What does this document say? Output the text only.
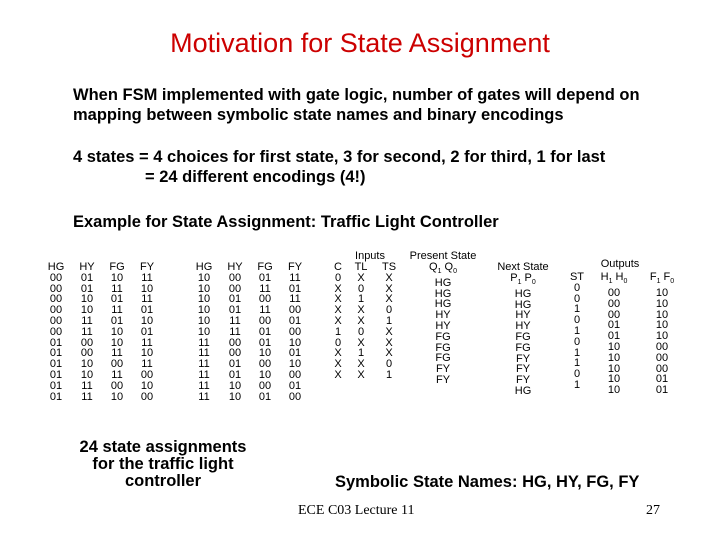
Motivation for State Assignment
When FSM implemented with gate logic, number of gates will depend on
mapping between symbolic state names and binary encodings
4 states = 4 choices for first state, 3 for second, 2 for third, 1 for last
= 24 different encodings (4!)
Example for State Assignment: Traffic Light Controller
HG
00
00
00
00
00
00
01
01
01
01
01
01
HY
01
01
10
10
11
11
00
00
10
10
11
11
FG
10
11
01
11
01
10
10
11
00
11
00
10
FY
11
10
11
01
10
01
11
10
11
00
10
00
HG
10
10
10
10
10
10
11
11
11
11
11
11
HY
00
00
01
01
11
11
00
00
01
01
10
10
FG
01
11
00
11
00
01
01
10
00
10
00
01
FY
11
01
11
00
01
00
10
01
10
00
01
00
Inputs
C
0
X
X
X
X
1
0
X
X
X
TL
X
0
1
X
X
0
X
1
X
X
TS
X
X
X
0
1
X
X
X
0
1
Present State
$Q_1$ $Q_0$
HG
HG
HG
HY
HY
FG
FG
FG
FY
FY
Next State
$P_1$ $P_0$
HG
HG
HY
HY
FG
FG
FY
FY
FY
HG
Outputs
ST
0
0
1
0
1
0
1
1
0
1
$H_1$ $H_0$
00
00
00
01
01
10
10
10
10
10
$F_1$ $F_0$
10
10
10
10
10
00
00
00
01
01
24 state assignments
for the traffic light
controller	Symbolic State Names: HG, HY, FG, FY
ECE C03 Lecture 11	27
